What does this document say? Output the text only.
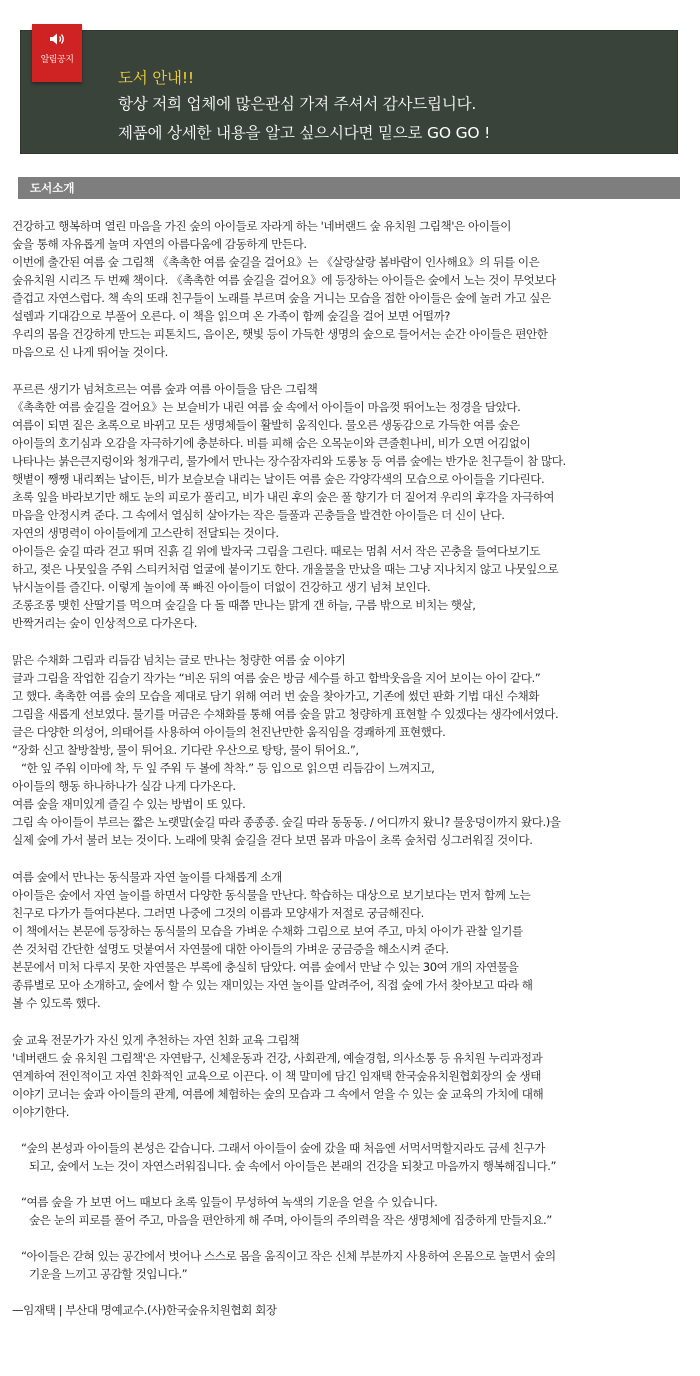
알림공지
도서 안내!!
항상 저희 업체에 많은관심 가져 주셔서 감사드립니다.
제품에 상세한 내용을 알고 싶으시다면 밑으로 GO GO !
도서소개
건강하고 행복하며 열린 마음을 가진 숲의 아이들로 자라게 하는 '네버랜드 숲 유치원 그림책'은 아이들이
숲을 통해 자유롭게 놀며 자연의 아름다움에 감동하게 만든다.
이번에 출간된 여름 숲 그림책 《촉촉한 여름 숲길을 걸어요》는 《살랑살랑 봄바람이 인사해요》의 뒤를 이은
숲유치원 시리즈 두 번째 책이다. 《촉촉한 여름 숲길을 걸어요》에 등장하는 아이들은 숲에서 노는 것이 무엇보다
즐겁고 자연스럽다. 책 속의 또래 친구들이 노래를 부르며 숲을 거니는 모습을 접한 아이들은 숲에 놀러 가고 싶은
설렘과 기대감으로 부풀어 오른다. 이 책을 읽으며 온 가족이 함께 숲길을 걸어 보면 어떨까?
우리의 몸을 건강하게 만드는 피톤치드, 음이온, 햇빛 등이 가득한 생명의 숲으로 들어서는 순간 아이들은 편안한
마음으로 신 나게 뛰어놀 것이다.
푸르른 생기가 넘쳐흐르는 여름 숲과 여름 아이들을 담은 그림책
《촉촉한 여름 숲길을 걸어요》는 보슬비가 내린 여름 숲 속에서 아이들이 마음껏 뛰어노는 정경을 담았다.
여름이 되면 짙은 초록으로 바뀌고 모든 생명체들이 활발히 움직인다. 물오른 생동감으로 가득한 여름 숲은
아이들의 호기심과 오감을 자극하기에 충분하다. 비를 피해 숨은 오목눈이와 큰줄흰나비, 비가 오면 어김없이
나타나는 붉은큰지렁이와 청개구리, 물가에서 만나는 장수잠자리와 도롱뇽 등 여름 숲에는 반가운 친구들이 참 많다.
햇볕이 쨍쨍 내리쬐는 날이든, 비가 보슬보슬 내리는 날이든 여름 숲은 각양각색의 모습으로 아이들을 기다린다.
초록 잎을 바라보기만 해도 눈의 피로가 풀리고, 비가 내린 후의 숲은 풀 향기가 더 짙어져 우리의 후각을 자극하여
마음을 안정시켜 준다. 그 속에서 열심히 살아가는 작은 들풀과 곤충들을 발견한 아이들은 더 신이 난다.
자연의 생명력이 아이들에게 고스란히 전달되는 것이다.
아이들은 숲길 따라 걷고 뛰며 진흙 길 위에 발자국 그림을 그린다. 때로는 멈춰 서서 작은 곤충을 들여다보기도
하고, 젖은 나뭇잎을 주워 스티커처럼 얼굴에 붙이기도 한다. 개울물을 만났을 때는 그냥 지나치지 않고 나뭇잎으로
낚시놀이를 즐긴다. 이렇게 놀이에 푹 빠진 아이들이 더없이 건강하고 생기 넘쳐 보인다.
조롱조롱 맺힌 산딸기를 먹으며 숲길을 다 돌 때쯤 만나는 맑게 갠 하늘, 구름 밖으로 비치는 햇살,
반짝거리는 숲이 인상적으로 다가온다.
맑은 수채화 그림과 리듬감 넘치는 글로 만나는 청량한 여름 숲 이야기
글과 그림을 작업한 김슬기 작가는 “비온 뒤의 여름 숲은 방금 세수를 하고 함박웃음을 지어 보이는 아이 같다.”
고 했다. 촉촉한 여름 숲의 모습을 제대로 담기 위해 여러 번 숲을 찾아가고, 기존에 썼던 판화 기법 대신 수채화
그림을 새롭게 선보였다. 물기를 머금은 수채화를 통해 여름 숲을 맑고 청량하게 표현할 수 있겠다는 생각에서였다.
글은 다양한 의성어, 의태어를 사용하여 아이들의 천진난만한 움직임을 경쾌하게 표현했다.
“장화 신고 찰방찰방, 물이 튀어요. 기다란 우산으로 탕탕, 물이 튀어요.”,
“한 잎 주워 이마에 착, 두 잎 주워 두 볼에 착착.” 등 입으로 읽으면 리듬감이 느껴지고,
아이들의 행동 하나하나가 실감 나게 다가온다.
여름 숲을 재미있게 즐길 수 있는 방법이 또 있다.
그림 속 아이들이 부르는 짧은 노랫말(숲길 따라 종종종. 숲길 따라 동동동. / 어디까지 왔니? 물웅덩이까지 왔다.)을
실제 숲에 가서 불러 보는 것이다. 노래에 맞춰 숲길을 걷다 보면 몸과 마음이 초록 숲처럼 싱그러워질 것이다.
여름 숲에서 만나는 동식물과 자연 놀이를 다채롭게 소개
아이들은 숲에서 자연 놀이를 하면서 다양한 동식물을 만난다. 학습하는 대상으로 보기보다는 먼저 함께 노는
친구로 다가가 들여다본다. 그러면 나중에 그것의 이름과 모양새가 저절로 궁금해진다.
이 책에서는 본문에 등장하는 동식물의 모습을 가벼운 수채화 그림으로 보여 주고, 마치 아이가 관찰 일기를
쓴 것처럼 간단한 설명도 덧붙여서 자연물에 대한 아이들의 가벼운 궁금증을 해소시켜 준다.
본문에서 미처 다루지 못한 자연물은 부록에 충실히 담았다. 여름 숲에서 만날 수 있는 30여 개의 자연물을
종류별로 모아 소개하고, 숲에서 할 수 있는 재미있는 자연 놀이를 알려주어, 직접 숲에 가서 찾아보고 따라 해
볼 수 있도록 했다.
숲 교육 전문가가 자신 있게 추천하는 자연 친화 교육 그림책
'네버랜드 숲 유치원 그림책'은 자연탐구, 신체운동과 건강, 사회관계, 예술경험, 의사소통 등 유치원 누리과정과
연계하여 전인적이고 자연 친화적인 교육으로 이끈다. 이 책 말미에 담긴 임재택 한국숲유치원협회장의 숲 생태
이야기 코너는 숲과 아이들의 관계, 여름에 체험하는 숲의 모습과 그 속에서 얻을 수 있는 숲 교육의 가치에 대해
이야기한다.
“숲의 본성과 아이들의 본성은 같습니다. 그래서 아이들이 숲에 갔을 때 처음엔 서먹서먹할지라도 금세 친구가
되고, 숲에서 노는 것이 자연스러워집니다. 숲 속에서 아이들은 본래의 건강을 되찾고 마음까지 행복해집니다.”
“여름 숲을 가 보면 어느 때보다 초록 잎들이 무성하여 녹색의 기운을 얻을 수 있습니다.
숲은 눈의 피로를 풀어 주고, 마음을 편안하게 해 주며, 아이들의 주의력을 작은 생명체에 집중하게 만들지요.”
“아이들은 갇혀 있는 공간에서 벗어나 스스로 몸을 움직이고 작은 신체 부분까지 사용하여 온몸으로 놀면서 숲의
기운을 느끼고 공감할 것입니다.”
—임재택 | 부산대 명예교수.(사)한국숲유치원협회 회장
